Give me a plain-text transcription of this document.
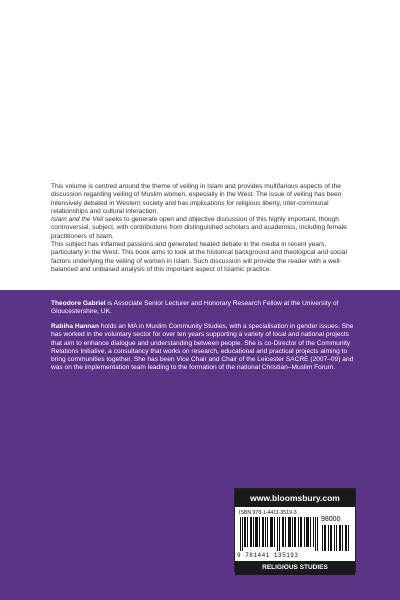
This volume is centred around the theme of veiling in Islam and provides multifarious aspects of the discussion regarding veiling of Muslim women, especially in the West. The issue of veiling has been intensively debated in Western society and has implications for religious liberty, inter-communal relationships and cultural interaction.

Islam and the Veil seeks to generate open and objective discussion of this highly important, though controversial, subject, with contributions from distinguished scholars and academics, including female practitioners of Islam.

This subject has inflamed passions and generated heated debate in the media in recent years, particularly in the West. This book aims to look at the historical background and theological and social factors underlying the veiling of women in Islam. Such discussion will provide the reader with a well-balanced and unbiased analysis of this important aspect of Islamic practice.

Theodore Gabriel is Associate Senior Lecturer and Honorary Research Fellow at the University of Gloucestershire, UK.
Rabiha Hannan holds an MA in Muslim Community Studies, with a specialisation in gender issues. She has worked in the voluntary sector for over ten years supporting a variety of local and national projects that aim to enhance dialogue and understanding between people. She is co-Director of the Community Relations Initiative, a consultancy that works on research, educational and practical projects aiming to bring communities together. She has been Vice Chair and Chair of the Leicester SACRE (2007–09) and was on the implementation team leading to the formation of the national Christian–Muslim Forum.
www.bloomsbury.com
ISBN 978-1-4411-3519-3
98000
9 781441 135193
RELIGIOUS STUDIES
